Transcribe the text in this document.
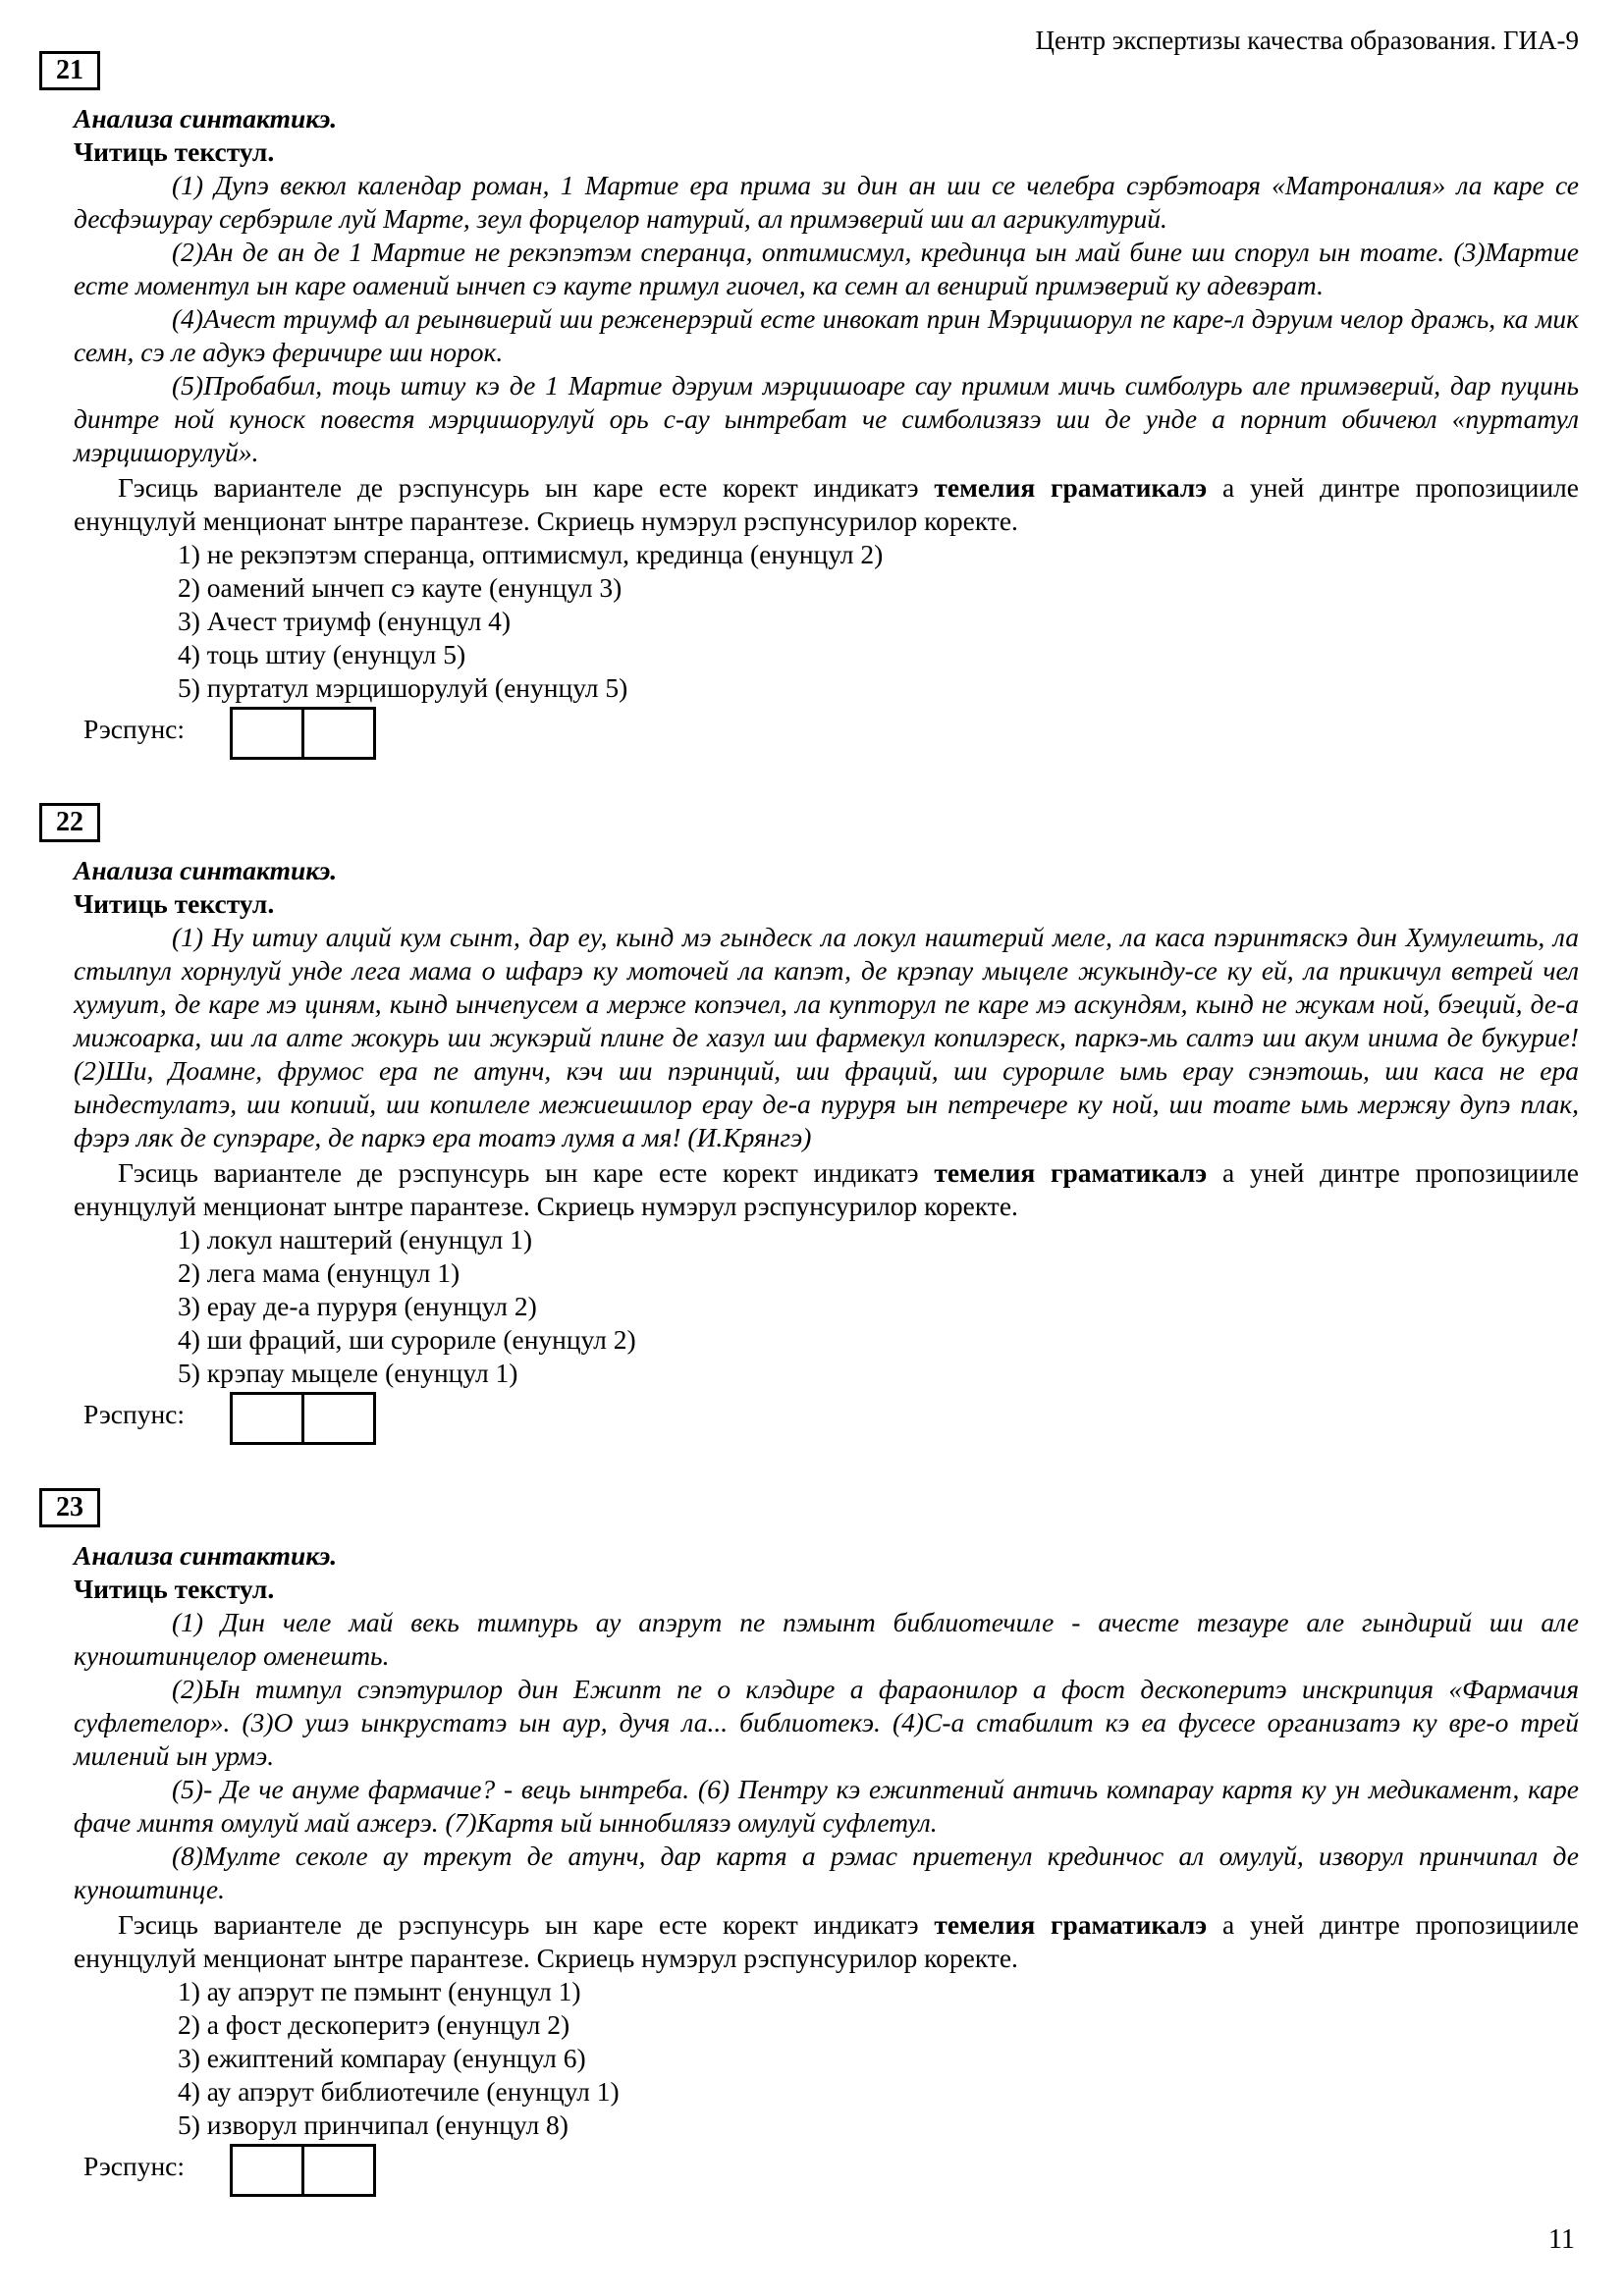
Центр экспертизы качества образования. ГИА-9
21
Анализа синтактикэ.
Читиць текстул.

(1) Дупэ векюл календар роман, 1 Мартие ера прима зи дин ан ши се челебра сэрбэтоаря «Матроналия» ла каре се десфэшурау сербэриле луй Марте, зеул форцелор натурий, ал примэверий ши ал агрикултурий.

(2)Ан де ан де 1 Мартие не рекэпэтэм сперанца, оптимисмул, крединца ын май бине ши спорул ын тоате. (3)Мартие есте моментул ын каре оамений ынчеп сэ кауте примул гиочел, ка семн ал венирий примэверий ку адевэрат.

(4)Ачест триумф ал реынвиерий ши реженерэрий есте инвокат прин Мэрцишорул пе каре-л дэруим челор дражь, ка мик семн, сэ ле адукэ феричире ши норок.

(5)Пробабил, тоць штиу кэ де 1 Мартие дэруим мэрцишоаре сау примим мичь симболурь але примэверий, дар пуцинь динтре ной куноск повестя мэрцишорулуй орь с-ау ынтребат че симболизязэ ши де унде а порнит обичеюл «пуртатул мэрцишорулуй».

Гэсиць вариантеле де рэспунсурь ын каре есте корект индикатэ темелия граматикалэ а уней динтре пропозицииле енунцулуй менционат ынтре парантезе. Скриець нумэрул рэспунсурилор коректе.

1) не рекэпэтэм сперанца, оптимисмул, крединца (енунцул 2)
2) оамений ынчеп сэ кауте (енунцул 3)
3) Ачест триумф (енунцул 4)
4) тоць штиу (енунцул 5)
5) пуртатул мэрцишорулуй (енунцул 5)
Рэспунс:
22
Анализа синтактикэ.
Читиць текстул.

(1) Ну штиу алций кум сынт, дар еу, кынд мэ гындеск ла локул наштерий меле, ла каса пэринтяскэ дин Хумулешть, ла стылпул хорнулуй унде лега мама о шфарэ ку моточей ла капэт, де крэпау мыцеле жукынду-се ку ей, ла прикичул ветрей чел хумуит, де каре мэ циням, кынд ынчепусем а мерже копэчел, ла купторул пе каре мэ аскундям, кынд не жукам ной, бэеций, де-а мижоарка, ши ла алте жокурь ши жукэрий плине де хазул ши фармекул копилэреск, паркэ-мь салтэ ши акум инима де букурие! (2)Ши, Доамне, фрумос ера пе атунч, кэч ши пэринций, ши фраций, ши сурориле ымь ерау сэнэтошь, ши каса не ера ындестулатэ, ши копиий, ши копилеле межиешилор ерау де-а пуруря ын петречере ку ной, ши тоате ымь мержяу дупэ плак, фэрэ ляк де супэраре, де паркэ ера тоатэ лумя а мя! (И.Крянгэ)

Гэсиць вариантеле де рэспунсурь ын каре есте корект индикатэ темелия граматикалэ а уней динтре пропозицииле енунцулуй менционат ынтре парантезе. Скриець нумэрул рэспунсурилор коректе.

1) локул наштерий (енунцул 1)
2) лега мама (енунцул 1)
3) ерау де-а пуруря (енунцул 2)
4) ши фраций, ши сурориле (енунцул 2)
5) крэпау мыцеле (енунцул 1)
Рэспунс:
23
Анализа синтактикэ.
Читиць текстул.

(1) Дин челе май векь тимпурь ау апэрут пе пэмынт библиотечиле - ачесте тезауре але гындирий ши але куноштинцелор оменешть.

(2)Ын тимпул сэпэтурилор дин Ежипт пе о клэдире а фараонилор а фост дескоперитэ инскрипция «Фармачия суфлетелор». (3)О ушэ ынкрустатэ ын аур, дучя ла... библиотекэ. (4)С-а стабилит кэ еа фусесе организатэ ку вре-о трей милений ын урмэ.

(5)- Де че ануме фармачие? - вець ынтреба. (6) Пентру кэ ежиптений античь компарау картя ку ун медикамент, каре фаче минтя омулуй май ажерэ. (7)Картя ый ыннобилязэ омулуй суфлетул.

(8)Мулте секоле ау трекут де атунч, дар картя а рэмас приетенул крединчос ал омулуй, изворул принчипал де куноштинце.

Гэсиць вариантеле де рэспунсурь ын каре есте корект индикатэ темелия граматикалэ а уней динтре пропозицииле енунцулуй менционат ынтре парантезе. Скриець нумэрул рэспунсурилор коректе.

1) ау апэрут пе пэмынт (енунцул 1)
2) а фост дескоперитэ (енунцул 2)
3) ежиптений компарау (енунцул 6)
4) ау апэрут библиотечиле (енунцул 1)
5) изворул принчипал (енунцул 8)
Рэспунс:
11
